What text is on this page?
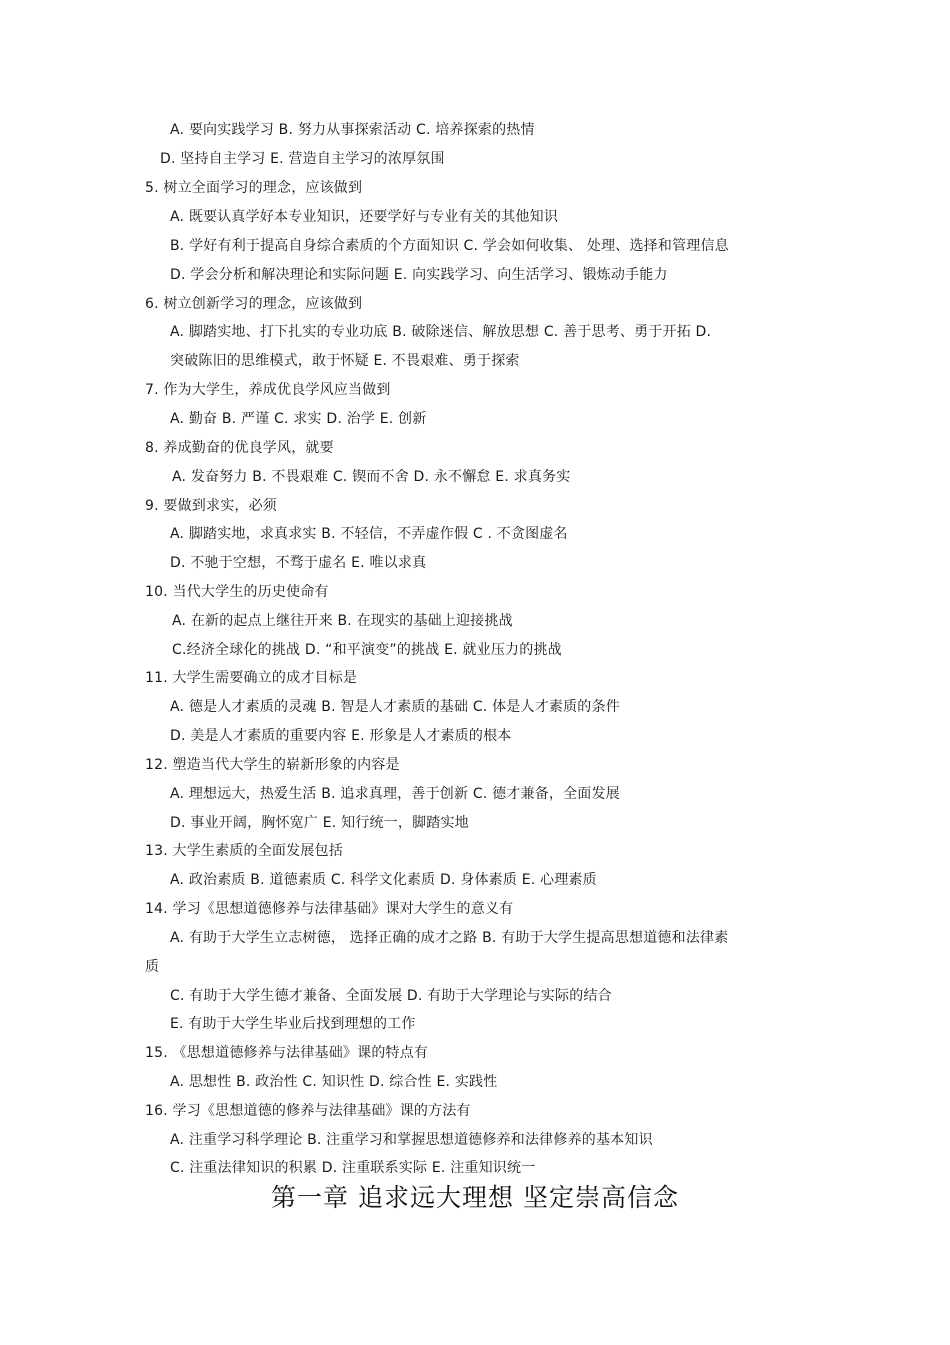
A. 要向实践学习 B. 努力从事探索活动 C. 培养探索的热情
D. 坚持自主学习 E. 营造自主学习的浓厚氛围
5. 树立全面学习的理念，应该做到
A. 既要认真学好本专业知识，还要学好与专业有关的其他知识
B. 学好有利于提高自身综合素质的个方面知识 C. 学会如何收集、 处理、选择和管理信息
D. 学会分析和解决理论和实际问题 E. 向实践学习、向生活学习、锻炼动手能力
6. 树立创新学习的理念，应该做到
A. 脚踏实地、打下扎实的专业功底 B. 破除迷信、解放思想 C. 善于思考、勇于开拓 D.
突破陈旧的思维模式，敢于怀疑 E. 不畏艰难、勇于探索
7. 作为大学生，养成优良学风应当做到
A. 勤奋 B. 严谨 C. 求实 D. 治学 E. 创新
8. 养成勤奋的优良学风，就要
A. 发奋努力 B. 不畏艰难 C. 锲而不舍 D. 永不懈怠 E. 求真务实
9. 要做到求实，必须
A. 脚踏实地，求真求实 B. 不轻信，不弄虚作假 C . 不贪图虚名
D. 不驰于空想，不骛于虚名 E. 唯以求真
10. 当代大学生的历史使命有
A. 在新的起点上继往开来 B. 在现实的基础上迎接挑战
C.经济全球化的挑战 D. “和平演变”的挑战 E. 就业压力的挑战
11. 大学生需要确立的成才目标是
A. 德是人才素质的灵魂 B. 智是人才素质的基础 C. 体是人才素质的条件
D. 美是人才素质的重要内容 E. 形象是人才素质的根本
12. 塑造当代大学生的崭新形象的内容是
A. 理想远大，热爱生活 B. 追求真理，善于创新 C. 德才兼备，全面发展
D. 事业开阔，胸怀宽广 E. 知行统一，脚踏实地
13. 大学生素质的全面发展包括
A. 政治素质 B. 道德素质 C. 科学文化素质 D. 身体素质 E. 心理素质
14. 学习《思想道德修养与法律基础》课对大学生的意义有
A. 有助于大学生立志树德， 选择正确的成才之路 B. 有助于大学生提高思想道德和法律素
质
C. 有助于大学生德才兼备、全面发展 D. 有助于大学理论与实际的结合
E. 有助于大学生毕业后找到理想的工作
15. 《思想道德修养与法律基础》课的特点有
A. 思想性 B. 政治性 C. 知识性 D. 综合性 E. 实践性
16. 学习《思想道德的修养与法律基础》课的方法有
A. 注重学习科学理论 B. 注重学习和掌握思想道德修养和法律修养的基本知识
C. 注重法律知识的积累 D. 注重联系实际 E. 注重知识统一
第一章 追求远大理想 坚定崇高信念
